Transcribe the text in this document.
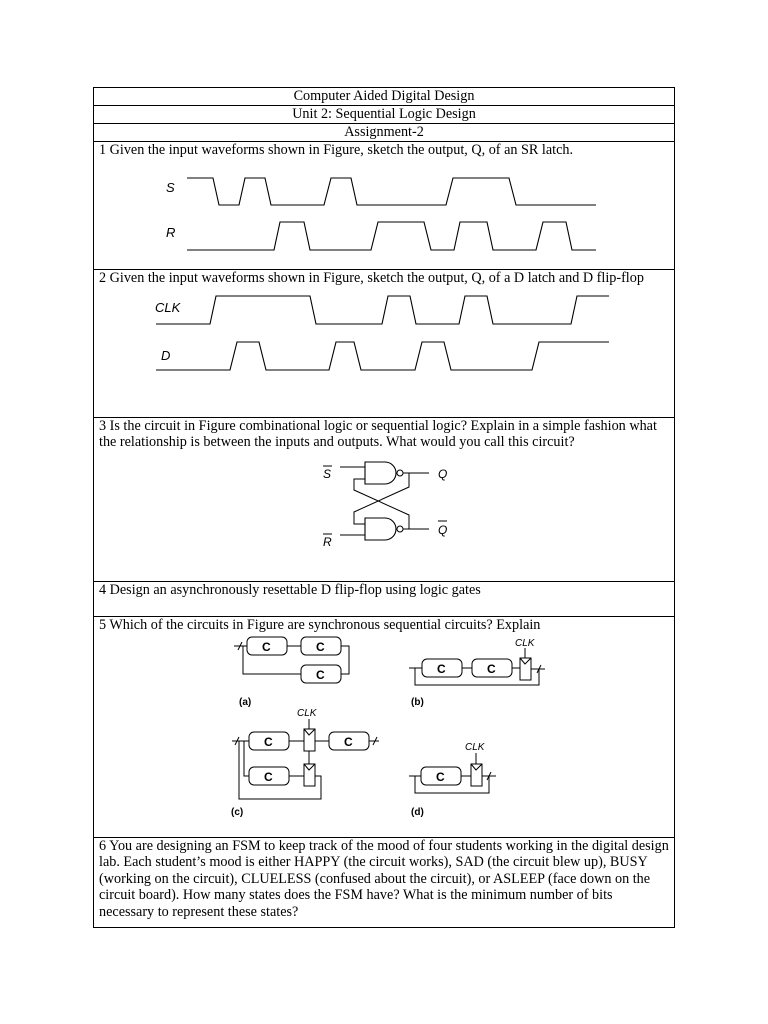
Computer Aided Digital Design
Unit 2: Sequential Logic Design
Assignment-2

1 Given the input waveforms shown in Figure, sketch the output, Q, of an SR latch.
S
R

2 Given the input waveforms shown in Figure, sketch the output, Q, of a D latch and D flip-flop
CLK
D

3 Is the circuit in Figure combinational logic or sequential logic? Explain in a simple fashion what the relationship is between the inputs and outputs. What would you call this circuit?
S
R
Q
Q

4 Design an asynchronously resettable D flip-flop using logic gates

5 Which of the circuits in Figure are synchronous sequential circuits? Explain
C	C
C
(a)
C	C
CLK
(b)
C	C
C
CLK
(c)
C
CLK
(d)

6 You are designing an FSM to keep track of the mood of four students working in the digital design lab. Each student’s mood is either HAPPY (the circuit works), SAD (the circuit blew up), BUSY (working on the circuit), CLUELESS (confused about the circuit), or ASLEEP (face down on the circuit board). How many states does the FSM have? What is the minimum number of bits necessary to represent these states?
